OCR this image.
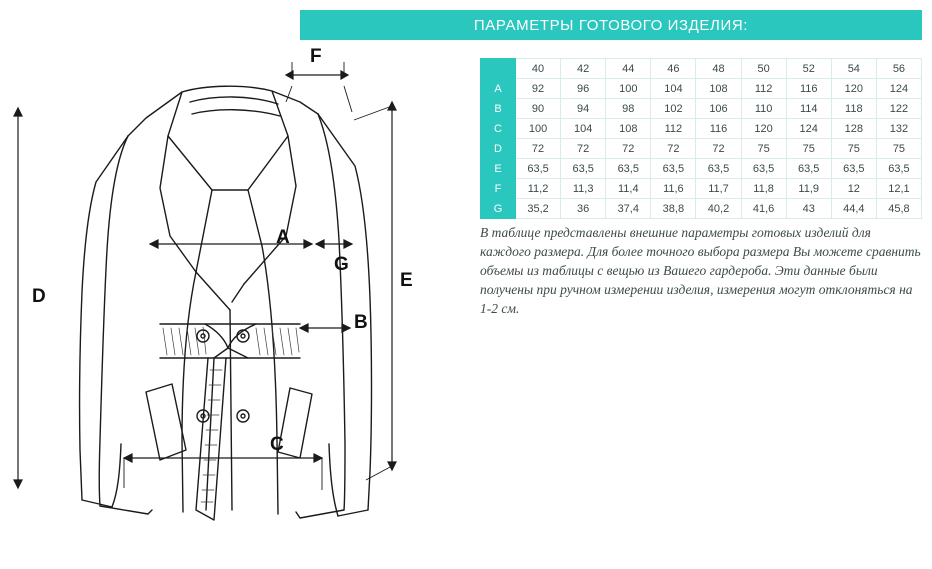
ПАРАМЕТРЫ ГОТОВОГО ИЗДЕЛИЯ:
A
B
C
D
E
F
G
	40	42	44	46	48	50	52	54	56
A	92	96	100	104	108	112	116	120	124
B	90	94	98	102	106	110	114	118	122
C	100	104	108	112	116	120	124	128	132
D	72	72	72	72	72	75	75	75	75
E	63,5	63,5	63,5	63,5	63,5	63,5	63,5	63,5	63,5
F	11,2	11,3	11,4	11,6	11,7	11,8	11,9	12	12,1
G	35,2	36	37,4	38,8	40,2	41,6	43	44,4	45,8
В таблице представлены внешние параметры готовых изделий для каждого размера. Для более точного выбора размера Вы можете сравнить объемы из таблицы с вещью из Вашего гардероба. Эти данные были получены при ручном измерении изделия, измерения могут отклоняться на 1-2 см.
